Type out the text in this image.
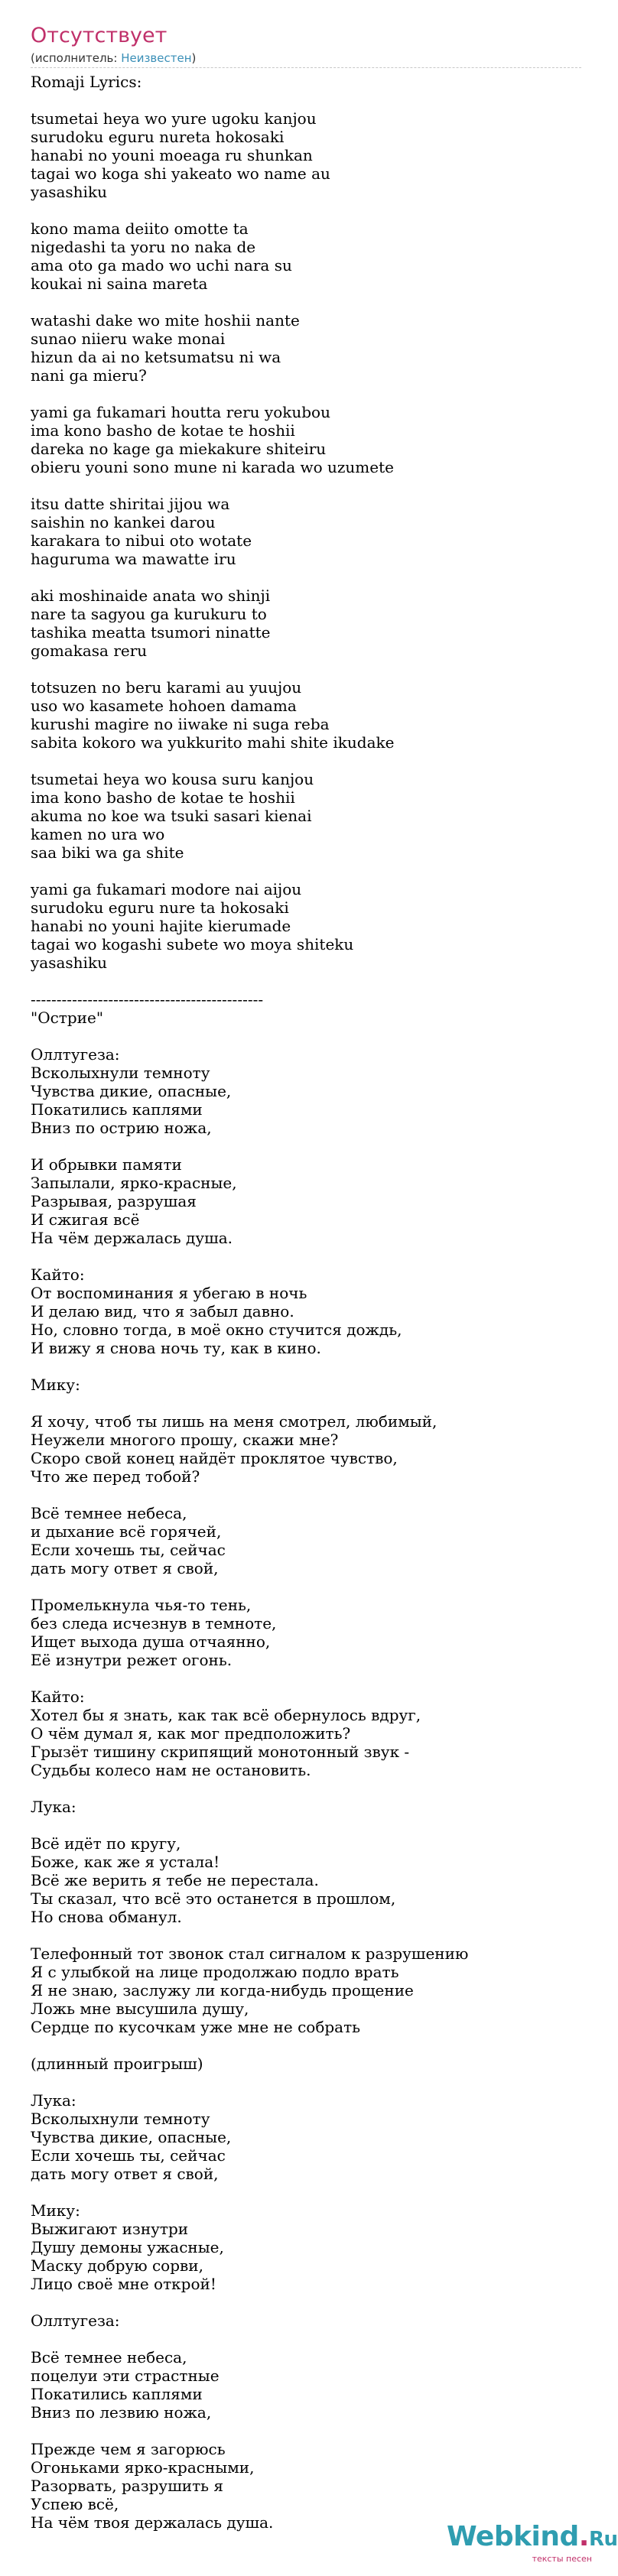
Отсутствует
(исполнитель: Неизвестен)
Romaji Lyrics:
tsumetai heya wo yure ugoku kanjou
surudoku eguru nureta hokosaki
hanabi no youni moeaga ru shunkan
tagai wo koga shi yakeato wo name au
yasashiku
kono mama deiito omotte ta
nigedashi ta yoru no naka de
ama oto ga mado wo uchi nara su
koukai ni saina mareta
watashi dake wo mite hoshii nante
sunao niieru wake monai
hizun da ai no ketsumatsu ni wa
nani ga mieru?
yami ga fukamari houtta reru yokubou
ima kono basho de kotae te hoshii
dareka no kage ga miekakure shiteiru
obieru youni sono mune ni karada wo uzumete
itsu datte shiritai jijou wa
saishin no kankei darou
karakara to nibui oto wotate
haguruma wa mawatte iru
aki moshinaide anata wo shinji
nare ta sagyou ga kurukuru to
tashika meatta tsumori ninatte
gomakasa reru
totsuzen no beru karami au yuujou
uso wo kasamete hohoen damama
kurushi magire no iiwake ni suga reba
sabita kokoro wa yukkurito mahi shite ikudake
tsumetai heya wo kousa suru kanjou
ima kono basho de kotae te hoshii
akuma no koe wa tsuki sasari kienai
kamen no ura wo
saa biki wa ga shite
yami ga fukamari modore nai aijou
surudoku eguru nure ta hokosaki
hanabi no youni hajite kierumade
tagai wo kogashi subete wo moya shiteku
yasashiku
---------------------------------------------
"Острие"
Оллтугеза:
Всколыхнули темноту
Чувства дикие, опасные,
Покатились каплями
Вниз по острию ножа,
И обрывки памяти
Запылали, ярко-красные,
Разрывая, разрушая
И сжигая всё
На чём держалась душа.
Кайто:
От воспоминания я убегаю в ночь
И делаю вид, что я забыл давно.
Но, словно тогда, в моё окно стучится дождь,
И вижу я снова ночь ту, как в кино.
Мику:
Я хочу, чтоб ты лишь на меня смотрел, любимый,
Неужели многого прошу, скажи мне?
Скоро свой конец найдёт проклятое чувство,
Что же перед тобой?
Всё темнее небеса,
и дыхание всё горячей,
Если хочешь ты, сейчас
дать могу ответ я свой,
Промелькнула чья-то тень,
без следа исчезнув в темноте,
Ищет выхода душа отчаянно,
Её изнутри режет огонь.
Кайто:
Хотел бы я знать, как так всё обернулось вдруг,
О чём думал я, как мог предположить?
Грызёт тишину скрипящий монотонный звук -
Судьбы колесо нам не остановить.
Лука:
Всё идёт по кругу,
Боже, как же я устала!
Всё же верить я тебе не перестала.
Ты сказал, что всё это останется в прошлом,
Но снова обманул.
Телефонный тот звонок стал сигналом к разрушению
Я с улыбкой на лице продолжаю подло врать
Я не знаю, заслужу ли когда-нибудь прощение
Ложь мне высушила душу,
Сердце по кусочкам уже мне не собрать
(длинный проигрыш)
Лука:
Всколыхнули темноту
Чувства дикие, опасные,
Если хочешь ты, сейчас
дать могу ответ я свой,
Мику:
Выжигают изнутри
Душу демоны ужасные,
Маску добрую сорви,
Лицо своё мне открой!
Оллтугеза:
Всё темнее небеса,
поцелуи эти страстные
Покатились каплями
Вниз по лезвию ножа,
Прежде чем я загорюсь
Огоньками ярко-красными,
Разорвать, разрушить я
Успею всё,
На чём твоя держалась душа.	Webkind.Ru
тексты песен
